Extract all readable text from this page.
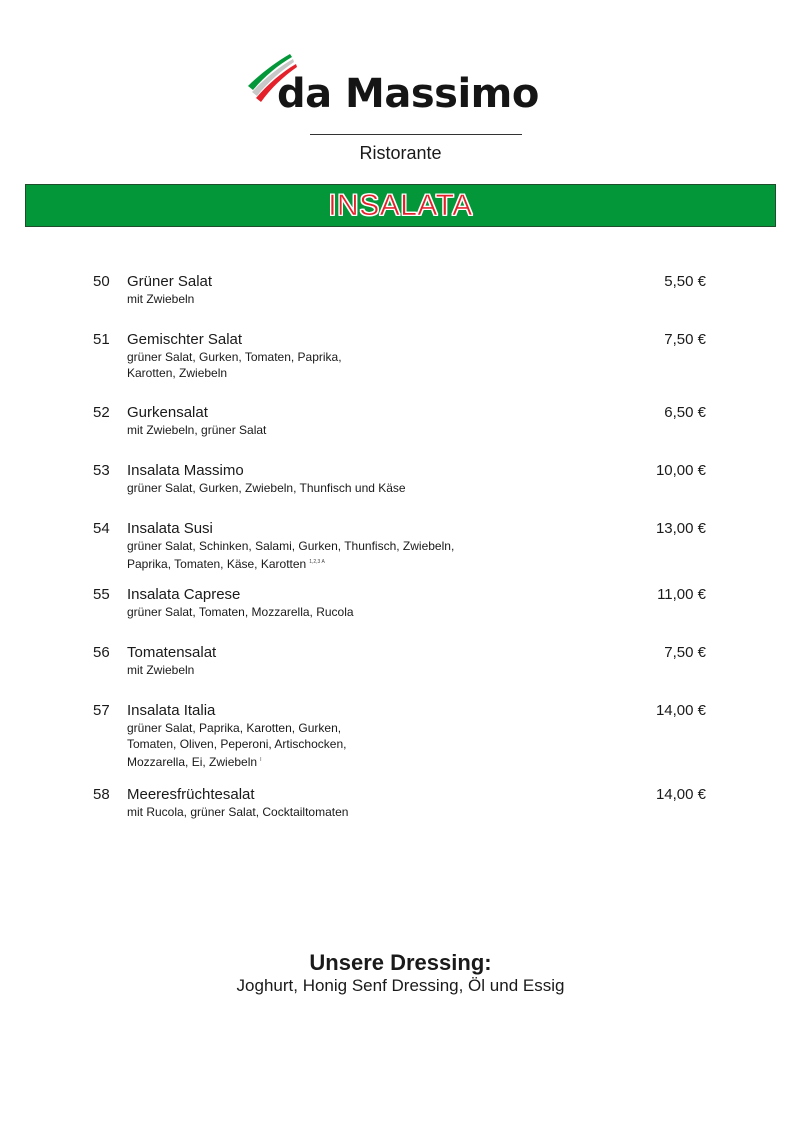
da Massimo
Ristorante
INSALATA
50 Grüner Salat	5,50 €
mit Zwiebeln
51 Gemischter Salat	7,50 €
grüner Salat, Gurken, Tomaten, Paprika,
Karotten, Zwiebeln
52 Gurkensalat	6,50 €
mit Zwiebeln, grüner Salat
53 Insalata Massimo	10,00 €
grüner Salat, Gurken, Zwiebeln, Thunfisch und Käse
54 Insalata Susi	13,00 €
grüner Salat, Schinken, Salami, Gurken, Thunfisch, Zwiebeln,
Paprika, Tomaten, Käse, Karotten $^{1,2,3 A}$
55 Insalata Caprese	11,00 €
grüner Salat, Tomaten, Mozzarella, Rucola
56 Tomatensalat	7,50 €
mit Zwiebeln
57 Insalata Italia	14,00 €
grüner Salat, Paprika, Karotten, Gurken,
Tomaten, Oliven, Peperoni, Artischocken,
Mozzarella, Ei, Zwiebeln $^I$
58 Meeresfrüchtesalat	14,00 €
mit Rucola, grüner Salat, Cocktailtomaten
Unsere Dressing:
Joghurt, Honig Senf Dressing, Öl und Essig
